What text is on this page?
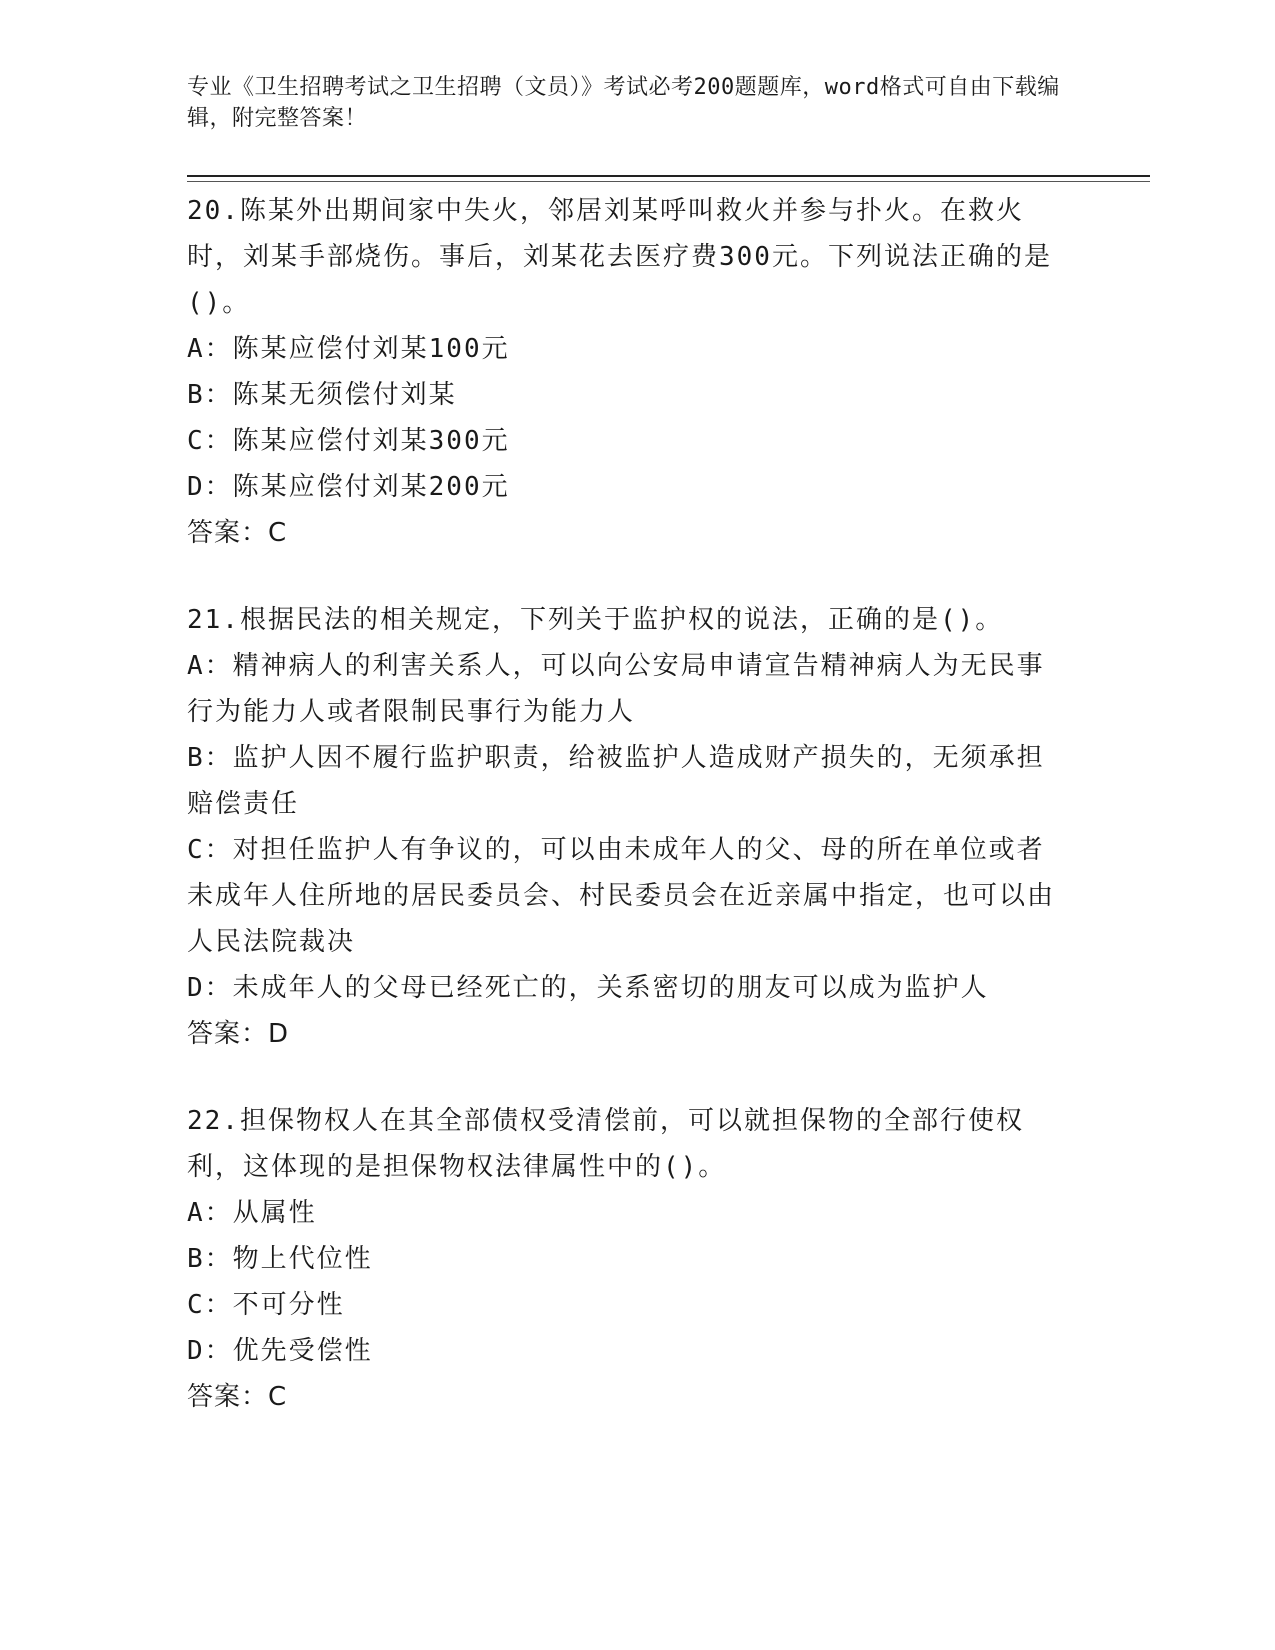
专业《卫生招聘考试之卫生招聘（文员）》考试必考200题题库，word格式可自由下载编辑，附完整答案！

20.陈某外出期间家中失火，邻居刘某呼叫救火并参与扑火。在救火时，刘某手部烧伤。事后，刘某花去医疗费300元。下列说法正确的是()。

A：陈某应偿付刘某100元

B：陈某无须偿付刘某

C：陈某应偿付刘某300元

D：陈某应偿付刘某200元

答案：C

21.根据民法的相关规定，下列关于监护权的说法，正确的是()。

A：精神病人的利害关系人，可以向公安局申请宣告精神病人为无民事行为能力人或者限制民事行为能力人

B：监护人因不履行监护职责，给被监护人造成财产损失的，无须承担赔偿责任

C：对担任监护人有争议的，可以由未成年人的父、母的所在单位或者未成年人住所地的居民委员会、村民委员会在近亲属中指定，也可以由人民法院裁决

D：未成年人的父母已经死亡的，关系密切的朋友可以成为监护人

答案：D

22.担保物权人在其全部债权受清偿前，可以就担保物的全部行使权利，这体现的是担保物权法律属性中的()。

A：从属性

B：物上代位性

C：不可分性

D：优先受偿性

答案：C
